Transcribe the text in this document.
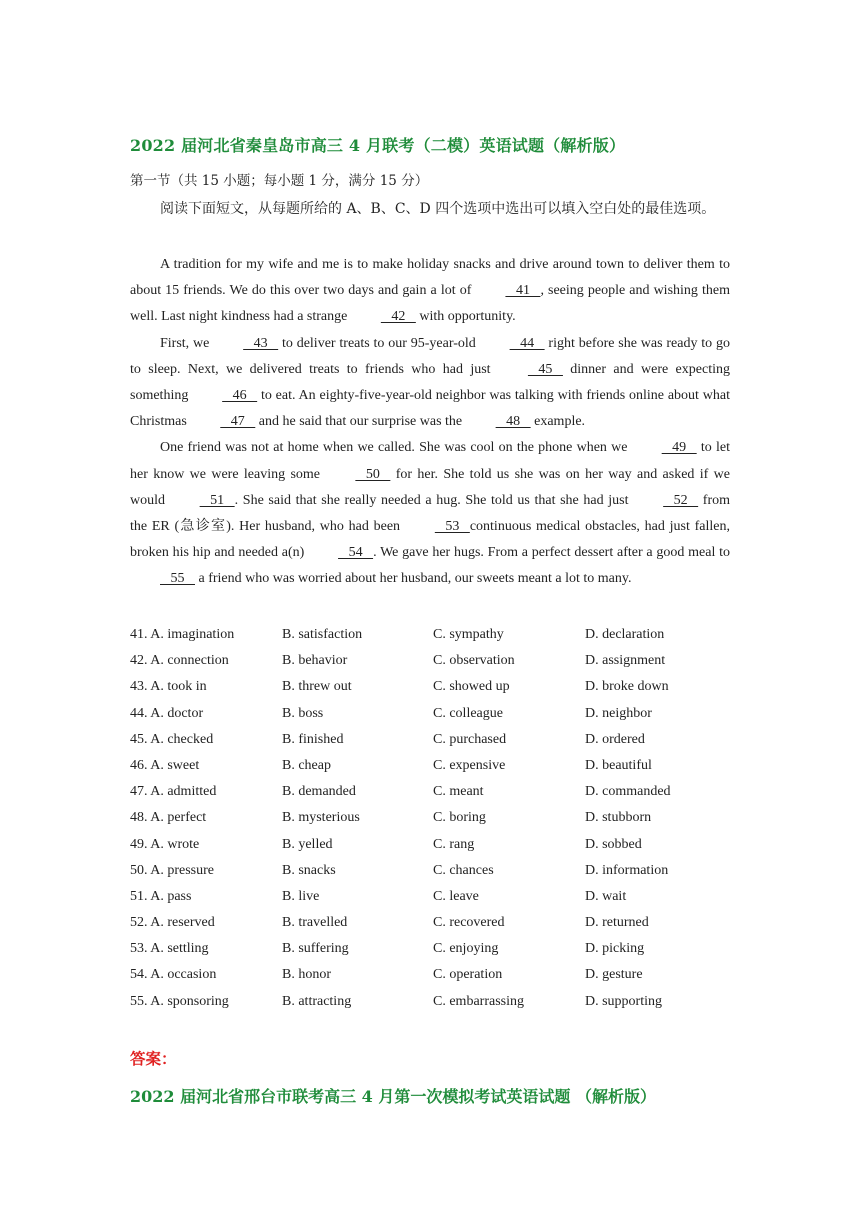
2022 届河北省秦皇岛市高三 4 月联考（二模）英语试题（解析版）
第一节（共 15 小题；每小题 1 分，满分 15 分）
阅读下面短文，从每题所给的 A、B、C、D 四个选项中选出可以填入空白处的最佳选项。

A tradition for my wife and me is to make holiday snacks and drive around town to deliver them to about 15 friends. We do this over two days and gain a lot of    41   , seeing people and wishing them well. Last night kindness had a strange    42    with opportunity.

First, we    43    to deliver treats to our 95-year-old    44    right before she was ready to go to sleep. Next, we delivered treats to friends who had just    45    dinner and were expecting something    46    to eat. An eighty-five-year-old neighbor was talking with friends online about what Christmas    47    and he said that our surprise was the    48    example.

One friend was not at home when we called. She was cool on the phone when we    49    to let her know we were leaving some    50    for her. She told us she was on her way and asked if we would    51   . She said that she really needed a hug. She told us that she had just    52    from the ER (急诊室). Her husband, who had been    53   continuous medical obstacles, had just fallen, broken his hip and needed a(n)    54   . We gave her hugs. From a perfect dessert after a good meal to    55    a friend who was worried about her husband, our sweets meant a lot to many.

41. A. imagination	B. satisfaction	C. sympathy	D. declaration
42. A. connection	B. behavior	C. observation	D. assignment
43. A. took in	B. threw out	C. showed up	D. broke down
44. A. doctor	B. boss	C. colleague	D. neighbor
45. A. checked	B. finished	C. purchased	D. ordered
46. A. sweet	B. cheap	C. expensive	D. beautiful
47. A. admitted	B. demanded	C. meant	D. commanded
48. A. perfect	B. mysterious	C. boring	D. stubborn
49. A. wrote	B. yelled	C. rang	D. sobbed
50. A. pressure	B. snacks	C. chances	D. information
51. A. pass	B. live	C. leave	D. wait
52. A. reserved	B. travelled	C. recovered	D. returned
53. A. settling	B. suffering	C. enjoying	D. picking
54. A. occasion	B. honor	C. operation	D. gesture
55. A. sponsoring	B. attracting	C. embarrassing	D. supporting
答案：
2022 届河北省邢台市联考高三 4 月第一次模拟考试英语试题 （解析版）
